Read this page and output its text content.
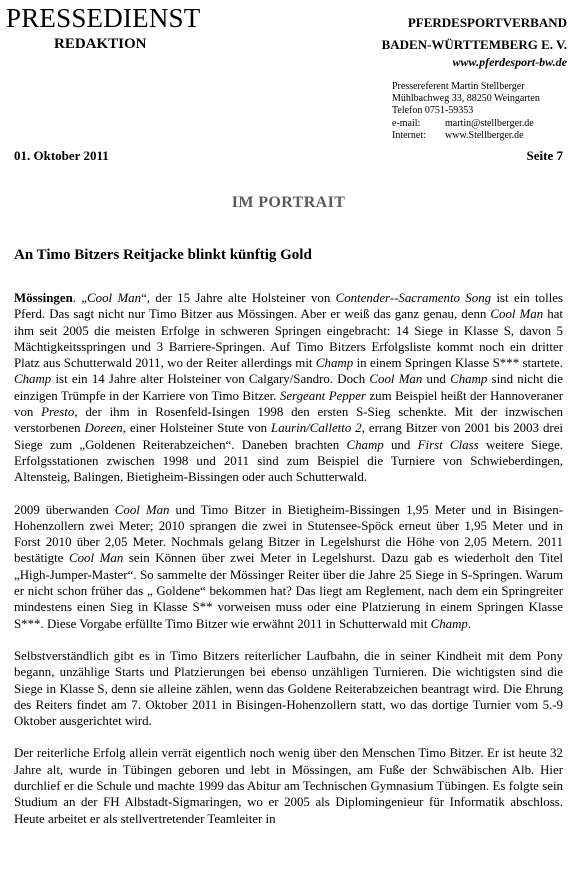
PRESSEDIENST
REDAKTION
PFERDESPORTVERBAND
BADEN-WÜRTTEMBERG E. V.
www.pferdesport-bw.de
Pressereferent Martin Stellberger
Mühlbachweg 33, 88250 Weingarten
Telefon 0751-59353
e-mail: martin@stellberger.de
Internet: www.Stellberger.de
01. Oktober 2011	Seite 7
IM PORTRAIT
An Timo Bitzers Reitjacke blinkt künftig Gold

Mössingen. „Cool Man“, der 15 Jahre alte Holsteiner von Contender--Sacramento Song ist ein tolles Pferd. Das sagt nicht nur Timo Bitzer aus Mössingen. Aber er weiß das ganz genau, denn Cool Man hat ihm seit 2005 die meisten Erfolge in schweren Springen eingebracht: 14 Siege in Klasse S, davon 5 Mächtigkeitsspringen und 3 Barriere-Springen. Auf Timo Bitzers Erfolgsliste kommt noch ein dritter Platz aus Schutterwald 2011, wo der Reiter allerdings mit Champ in einem Springen Klasse S*** startete. Champ ist ein 14 Jahre alter Holsteiner von Calgary/Sandro. Doch Cool Man und Champ sind nicht die einzigen Trümpfe in der Karriere von Timo Bitzer. Sergeant Pepper zum Beispiel heißt der Hannoveraner von Presto, der ihm in Rosenfeld-Isingen 1998 den ersten S-Sieg schenkte. Mit der inzwischen verstorbenen Doreen, einer Holsteiner Stute von Laurin/Calletto 2, errang Bitzer von 2001 bis 2003 drei Siege zum „Goldenen Reiterabzeichen“. Daneben brachten Champ und First Class weitere Siege. Erfolgsstationen zwischen 1998 und 2011 sind zum Beispiel die Turniere von Schwieberdingen, Altensteig, Balingen, Bietigheim-Bissingen oder auch Schutterwald.

2009 überwanden Cool Man und Timo Bitzer in Bietigheim-Bissingen 1,95 Meter und in Bisingen-Hohenzollern zwei Meter; 2010 sprangen die zwei in Stutensee-Spöck erneut über 1,95 Meter und in Forst 2010 über 2,05 Meter. Nochmals gelang Bitzer in Legelshurst die Höhe von 2,05 Metern. 2011 bestätigte Cool Man sein Können über zwei Meter in Legelshurst. Dazu gab es wiederholt den Titel „High-Jumper-Master“. So sammelte der Mössinger Reiter über die Jahre 25 Siege in S-Springen. Warum er nicht schon früher das „ Goldene“ bekommen hat? Das liegt am Reglement, nach dem ein Springreiter mindestens einen Sieg in Klasse S** vorweisen muss oder eine Platzierung in einem Springen Klasse S***. Diese Vorgabe erfüllte Timo Bitzer wie erwähnt 2011 in Schutterwald mit Champ.

Selbstverständlich gibt es in Timo Bitzers reiterlicher Laufbahn, die in seiner Kindheit mit dem Pony begann, unzählige Starts und Platzierungen bei ebenso unzähligen Turnieren. Die wichtigsten sind die Siege in Klasse S, denn sie alleine zählen, wenn das Goldene Reiterabzeichen beantragt wird. Die Ehrung des Reiters findet am 7. Oktober 2011 in Bisingen-Hohenzollern statt, wo das dortige Turnier vom 5.-9 Oktober ausgerichtet wird.

Der reiterliche Erfolg allein verrät eigentlich noch wenig über den Menschen Timo Bitzer. Er ist heute 32 Jahre alt, wurde in Tübingen geboren und lebt in Mössingen, am Fuße der Schwäbischen Alb. Hier durchlief er die Schule und machte 1999 das Abitur am Technischen Gymnasium Tübingen. Es folgte sein Studium an der FH Albstadt-Sigmaringen, wo er 2005 als Diplomingenieur für Informatik abschloss. Heute arbeitet er als stellvertretender Teamleiter in
